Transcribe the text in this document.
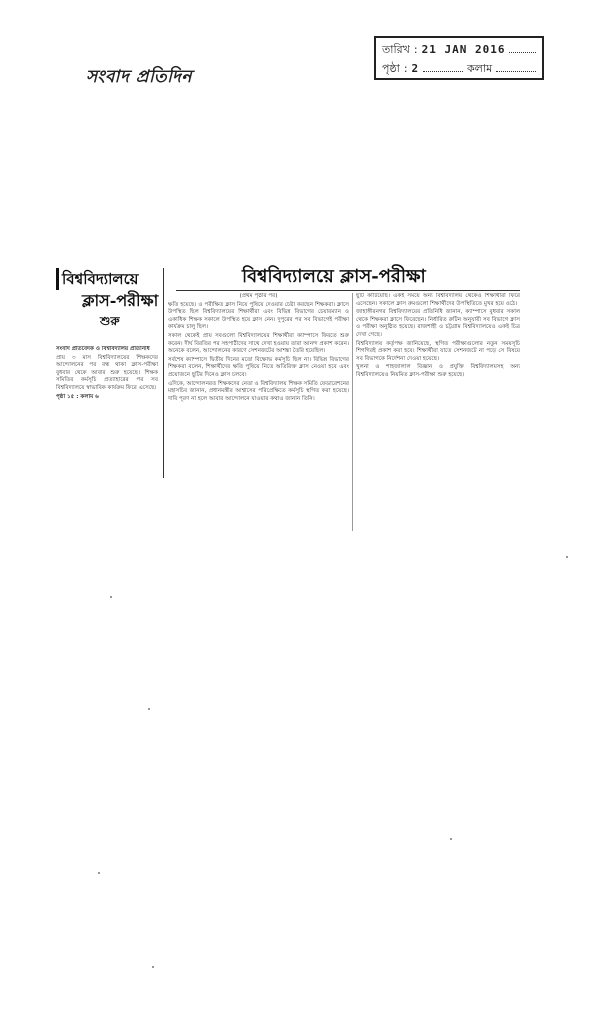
সংবাদ প্রতিদিন
তারিখ : 21 JAN 2016
পৃষ্ঠা : 2	কলাম
বিশ্ববিদ্যালয়ে
ক্লাস-পরীক্ষা
শুরু
বিশ্ববিদ্যালয়ে ক্লাস-পরীক্ষা

সংবাদ প্রতিবেদক ও বিশ্ববিদ্যালয় প্রতিনিধি

প্রায় ৩ মাস বিশ্ববিদ্যালয়ের শিক্ষকদের আন্দোলনের পর বন্ধ থাকা ক্লাস-পরীক্ষা বুধবার থেকে আবার শুরু হয়েছে। শিক্ষক সমিতির কর্মসূচি প্রত্যাহারের পর সব বিশ্ববিদ্যালয়ে স্বাভাবিক কার্যক্রম ফিরে এসেছে।

পৃষ্ঠা ১৫ : কলাম ৬

(প্রথম পৃষ্ঠার পর)

ক্ষতি হয়েছে। ও পরীক্ষিত ক্লাস নিয়ে পুষিয়ে দেওয়ার চেষ্টা করছেন শিক্ষকরা। ক্লাসে উপস্থিত ছিল বিশ্ববিদ্যালয়ের শিক্ষার্থীরা এবং বিভিন্ন বিভাগের চেয়ারম্যান ও একাধিক শিক্ষক সকালে উপস্থিত হয়ে ক্লাস নেন। দুপুরের পর সব বিভাগেই পরীক্ষা কার্যক্রম চালু ছিল।

সকাল থেকেই প্রায় সবগুলো বিশ্ববিদ্যালয়ের শিক্ষার্থীরা ক্যাম্পাসে ফিরতে শুরু করেন। দীর্ঘ বিরতির পর সহপাঠীদের সাথে দেখা হওয়ায় তারা আনন্দ প্রকাশ করেন। অনেকে বলেন, আন্দোলনের কারণে সেশনজটের আশঙ্কা তৈরি হয়েছিল।

সর্বশেষ ক্যাম্পাসে দ্বিতীয় দিনের মতো বিক্ষোভ কর্মসূচি ছিল না। বিভিন্ন বিভাগের শিক্ষকরা বলেন, শিক্ষার্থীদের ক্ষতি পুষিয়ে নিতে অতিরিক্ত ক্লাস নেওয়া হবে এবং প্রয়োজনে ছুটির দিনেও ক্লাস চলবে।

এদিকে, আন্দোলনরত শিক্ষকদের নেতা ও বিশ্ববিদ্যালয় শিক্ষক সমিতি ফেডারেশনের মহাসচিব জানান, প্রধানমন্ত্রীর আশ্বাসের পরিপ্রেক্ষিতে কর্মসূচি স্থগিত করা হয়েছে। দাবি পূরণ না হলে আবার আন্দোলনে যাওয়ার কথাও জানান তিনি।

ছুটি কাটিয়েছি। একই সময়ে অন্য বিশ্ববিদ্যালয় থেকেও শিক্ষার্থীরা ফিরে এসেছেন। সকালে ক্লাস রুমগুলো শিক্ষার্থীদের উপস্থিতিতে মুখর হয়ে ওঠে।

জাহাঙ্গীরনগর বিশ্ববিদ্যালয়ের প্রতিনিধি জানান, ক্যাম্পাসে বুধবার সকাল থেকে শিক্ষকরা ক্লাসে ফিরেছেন। নির্ধারিত রুটিন অনুযায়ী সব বিভাগে ক্লাস ও পরীক্ষা অনুষ্ঠিত হয়েছে। রাজশাহী ও চট্টগ্রাম বিশ্ববিদ্যালয়েও একই চিত্র দেখা গেছে।

বিশ্ববিদ্যালয় কর্তৃপক্ষ জানিয়েছে, স্থগিত পরীক্ষাগুলোর নতুন সময়সূচি শিগগিরই প্রকাশ করা হবে। শিক্ষার্থীরা যাতে সেশনজটে না পড়ে সে বিষয়ে সব বিভাগকে নির্দেশনা দেওয়া হয়েছে।

খুলনা ও শাহজালাল বিজ্ঞান ও প্রযুক্তি বিশ্ববিদ্যালয়সহ অন্য বিশ্ববিদ্যালয়েও নিয়মিত ক্লাস-পরীক্ষা শুরু হয়েছে।
